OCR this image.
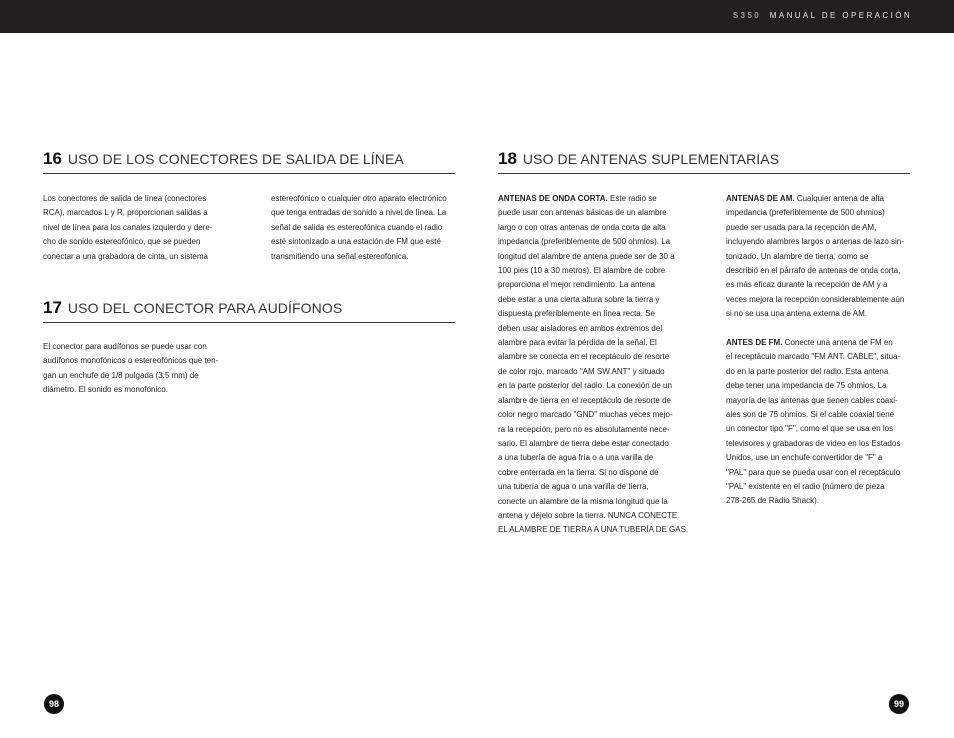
S350 MANUAL DE OPERACIÓN
16 USO DE LOS CONECTORES DE SALIDA DE LÍNEA
Los conectores de salida de línea (conectores
RCA), marcados L y R, proporcionan salidas a
nivel de línea para los canales izquierdo y dere-
cho de sonido estereofónico, que se pueden
conectar a una grabadora de cinta, un sistema
estereofónico o cualquier otro aparato electrónico
que tenga entradas de sonido a nivel de línea. La
señal de salida es estereofónica cuando el radio
esté sintonizado a una estación de FM que esté
transmitiendo una señal estereofónica.
17 USO DEL CONECTOR PARA AUDÍFONOS
El conector para audífonos se puede usar con
audífonos monofónicos o estereofónicos que ten-
gan un enchufe de 1/8 pulgada (3.5 mm) de
diámetro. El sonido es monofónico.
18 USO DE ANTENAS SUPLEMENTARIAS
ANTENAS DE ONDA CORTA. Este radio se
puede usar con antenas básicas de un alambre
largo o con otras antenas de onda corta de alta
impedancia (preferiblemente de 500 ohmios). La
longitud del alambre de antena puede ser de 30 a
100 pies (10 a 30 metros). El alambre de cobre
proporciona el mejor rendimiento. La antena
debe estar a una cierta altura sobre la tierra y
dispuesta preferiblemente en línea recta. Se
deben usar aisladores en ambos extremos del
alambre para evitar la pérdida de la señal. El
alambre se conecta en el receptáculo de resorte
de color rojo, marcado "AM SW ANT" y situado
en la parte posterior del radio. La conexión de un
alambre de tierra en el receptáculo de resorte de
color negro marcado "GND" muchas veces mejo-
ra la recepción, pero no es absolutamente nece-
sario. El alambre de tierra debe estar conectado
a una tubería de agua fría o a una varilla de
cobre enterrada en la tierra. Si no dispone de
una tubería de agua o una varilla de tierra,
conecte un alambre de la misma longitud que la
antena y déjelo sobre la tierra. NUNCA CONECTE
EL ALAMBRE DE TIERRA A UNA TUBERÍA DE GAS.
ANTENAS DE AM. Cualquier antena de alta
impedancia (preferiblemente de 500 ohmios)
puede ser usada para la recepción de AM,
incluyendo alambres largos o antenas de lazo sin-
tonizado. Un alambre de tierra, como se
describió en el párrafo de antenas de onda corta,
es más eficaz durante la recepción de AM y a
veces mejora la recepción considerablemente aún
si no se usa una antena externa de AM.
ANTES DE FM. Conecte una antena de FM en
el receptáculo marcado "FM ANT. CABLE", situa-
do en la parte posterior del radio. Esta antena
debe tener una impedancia de 75 ohmios. La
mayoría de las antenas que tienen cables coaxi-
ales son de 75 ohmios. Si el cable coaxial tiene
un conector tipo "F", como el que se usa en los
televisores y grabadoras de video en los Estados
Unidos, use un enchufe convertidor de "F" a
"PAL" para que se pueda usar con el receptáculo
"PAL" existente en el radio (número de pieza
278-265 de Radio Shack).
98	99
